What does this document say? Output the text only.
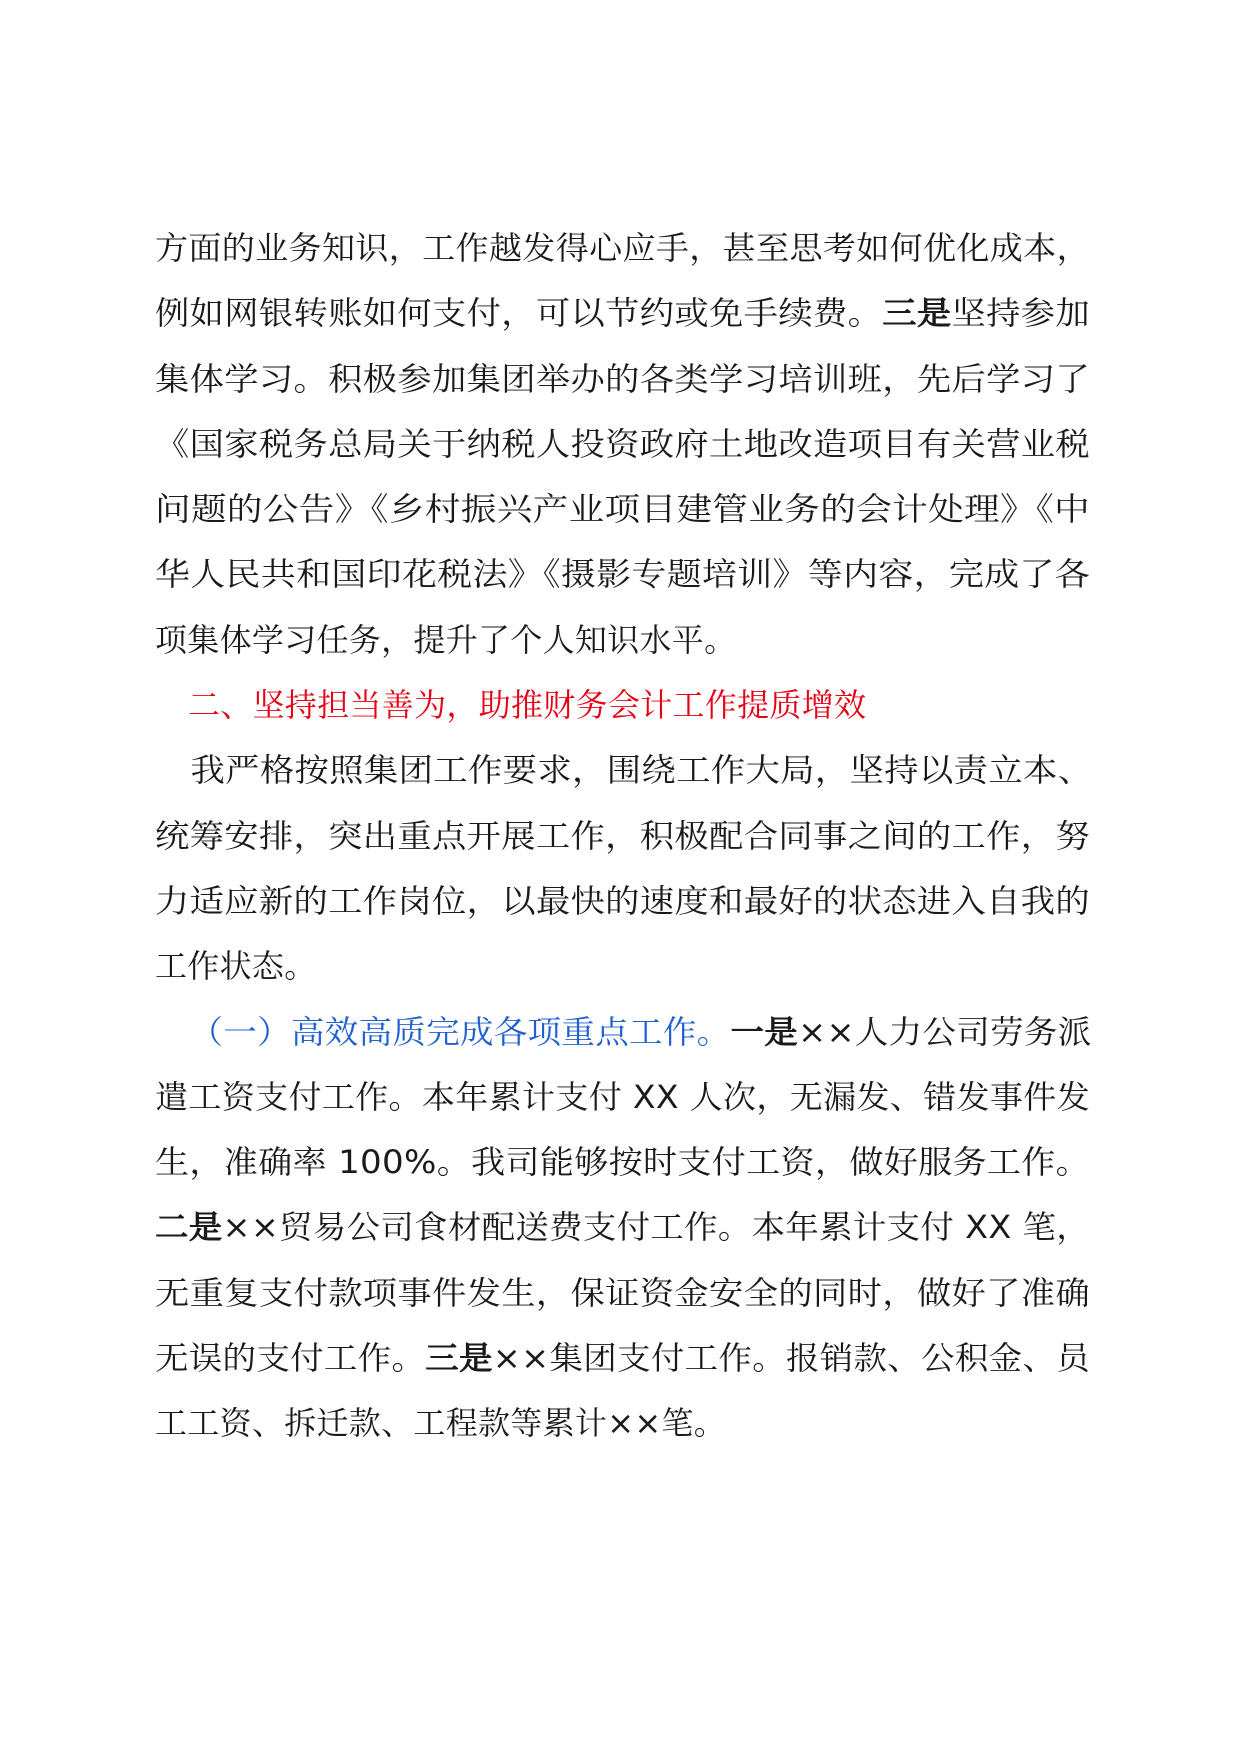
方面的业务知识，工作越发得心应手，甚至思考如何优化成本，
例如网银转账如何支付，可以节约或免手续费。三是坚持参加
集体学习。积极参加集团举办的各类学习培训班，先后学习了
《国家税务总局关于纳税人投资政府土地改造项目有关营业税
问题的公告》《乡村振兴产业项目建管业务的会计处理》《中
华人民共和国印花税法》《摄影专题培训》等内容，完成了各
项集体学习任务，提升了个人知识水平。
二、坚持担当善为，助推财务会计工作提质增效
我严格按照集团工作要求，围绕工作大局，坚持以责立本、
统筹安排，突出重点开展工作，积极配合同事之间的工作，努
力适应新的工作岗位，以最快的速度和最好的状态进入自我的
工作状态。
（一）高效高质完成各项重点工作。一是××人力公司劳务派
遣工资支付工作。本年累计支付 XX 人次，无漏发、错发事件发
生，准确率 100%。我司能够按时支付工资，做好服务工作。
二是××贸易公司食材配送费支付工作。本年累计支付 XX 笔，
无重复支付款项事件发生，保证资金安全的同时，做好了准确
无误的支付工作。三是××集团支付工作。报销款、公积金、员
工工资、拆迁款、工程款等累计××笔。
